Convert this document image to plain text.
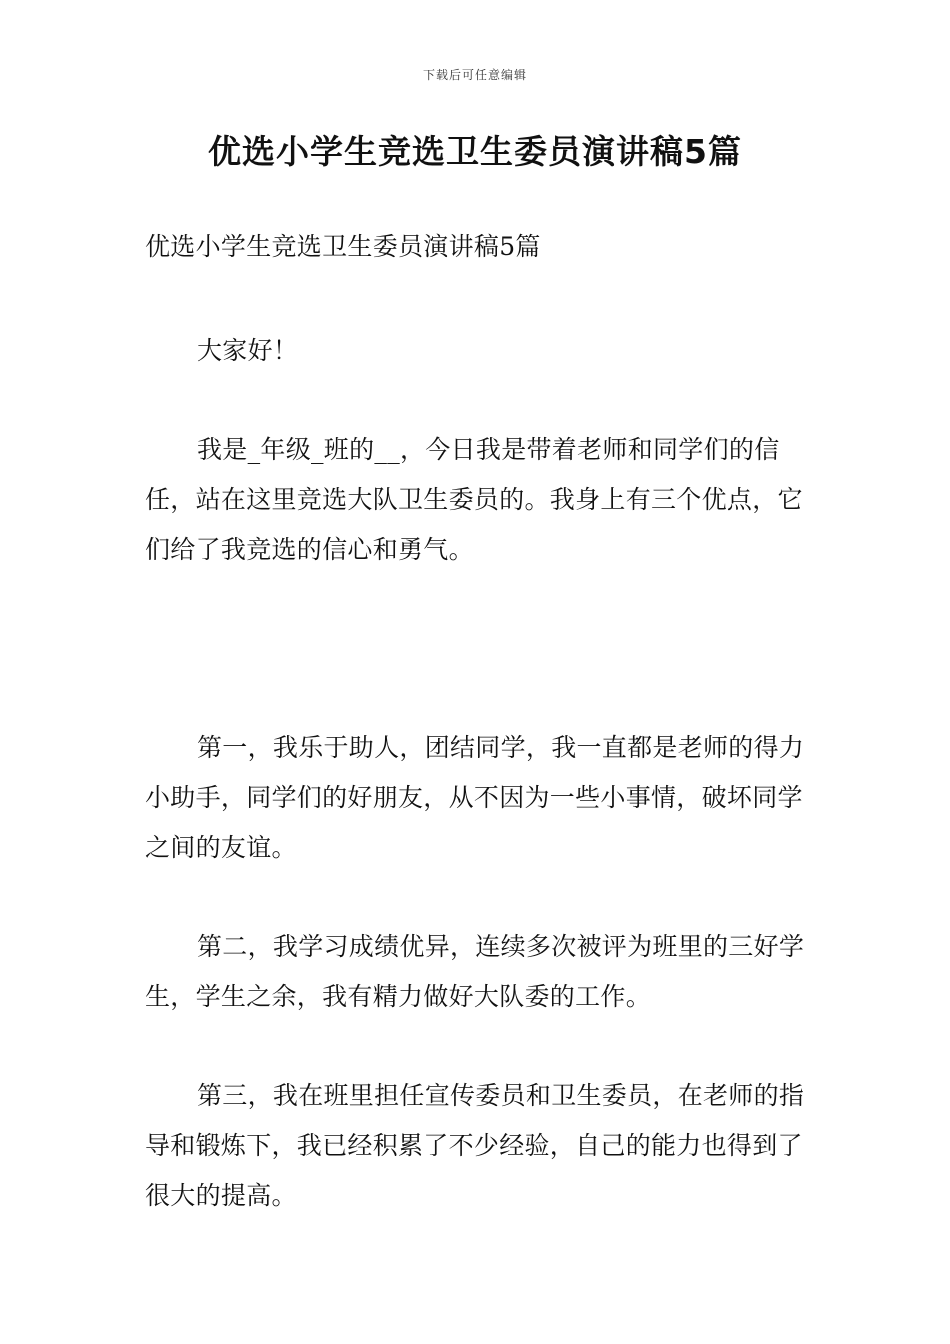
下载后可任意编辑
优选小学生竞选卫生委员演讲稿5篇

优选小学生竞选卫生委员演讲稿5篇

大家好！

我是_年级_班的__，今日我是带着老师和同学们的信任，站在这里竞选大队卫生委员的。我身上有三个优点，它们给了我竞选的信心和勇气。

第一，我乐于助人，团结同学，我一直都是老师的得力小助手，同学们的好朋友，从不因为一些小事情，破坏同学之间的友谊。

第二，我学习成绩优异，连续多次被评为班里的三好学生，学生之余，我有精力做好大队委的工作。

第三，我在班里担任宣传委员和卫生委员，在老师的指导和锻炼下，我已经积累了不少经验，自己的能力也得到了很大的提高。
